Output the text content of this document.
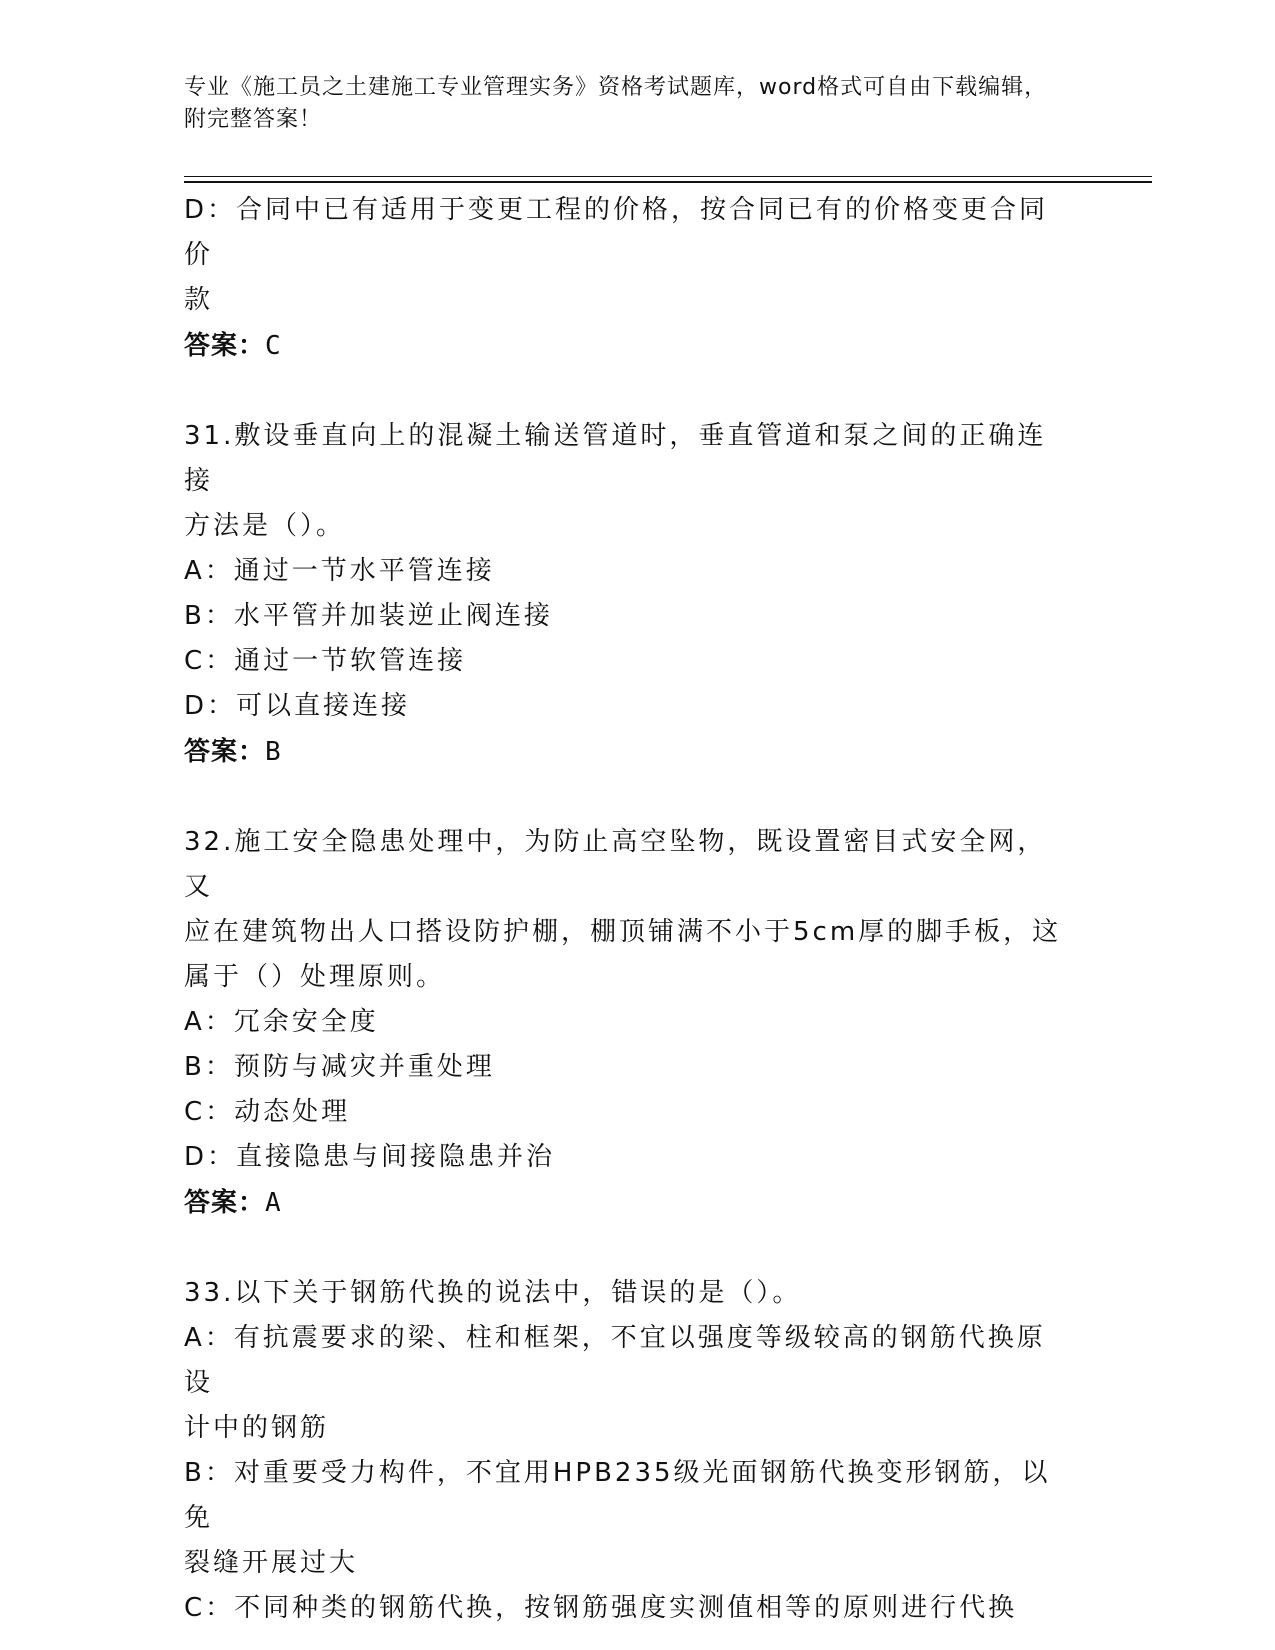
专业《施工员之土建施工专业管理实务》资格考试题库，word格式可自由下载编辑，附完整答案！
D：合同中已有适用于变更工程的价格，按合同已有的价格变更合同价
款
答案：C
31.敷设垂直向上的混凝土输送管道时，垂直管道和泵之间的正确连接
方法是（）。
A：通过一节水平管连接
B：水平管并加装逆止阀连接
C：通过一节软管连接
D：可以直接连接
答案：B
32.施工安全隐患处理中，为防止高空坠物，既设置密目式安全网，又
应在建筑物出人口搭设防护棚，棚顶铺满不小于5cm厚的脚手板，这
属于（）处理原则。
A：冗余安全度
B：预防与减灾并重处理
C：动态处理
D：直接隐患与间接隐患并治
答案：A
33.以下关于钢筋代换的说法中，错误的是（）。
A：有抗震要求的梁、柱和框架，不宜以强度等级较高的钢筋代换原设
计中的钢筋
B：对重要受力构件，不宜用HPB235级光面钢筋代换变形钢筋，以免
裂缝开展过大
C：不同种类的钢筋代换，按钢筋强度实测值相等的原则进行代换
